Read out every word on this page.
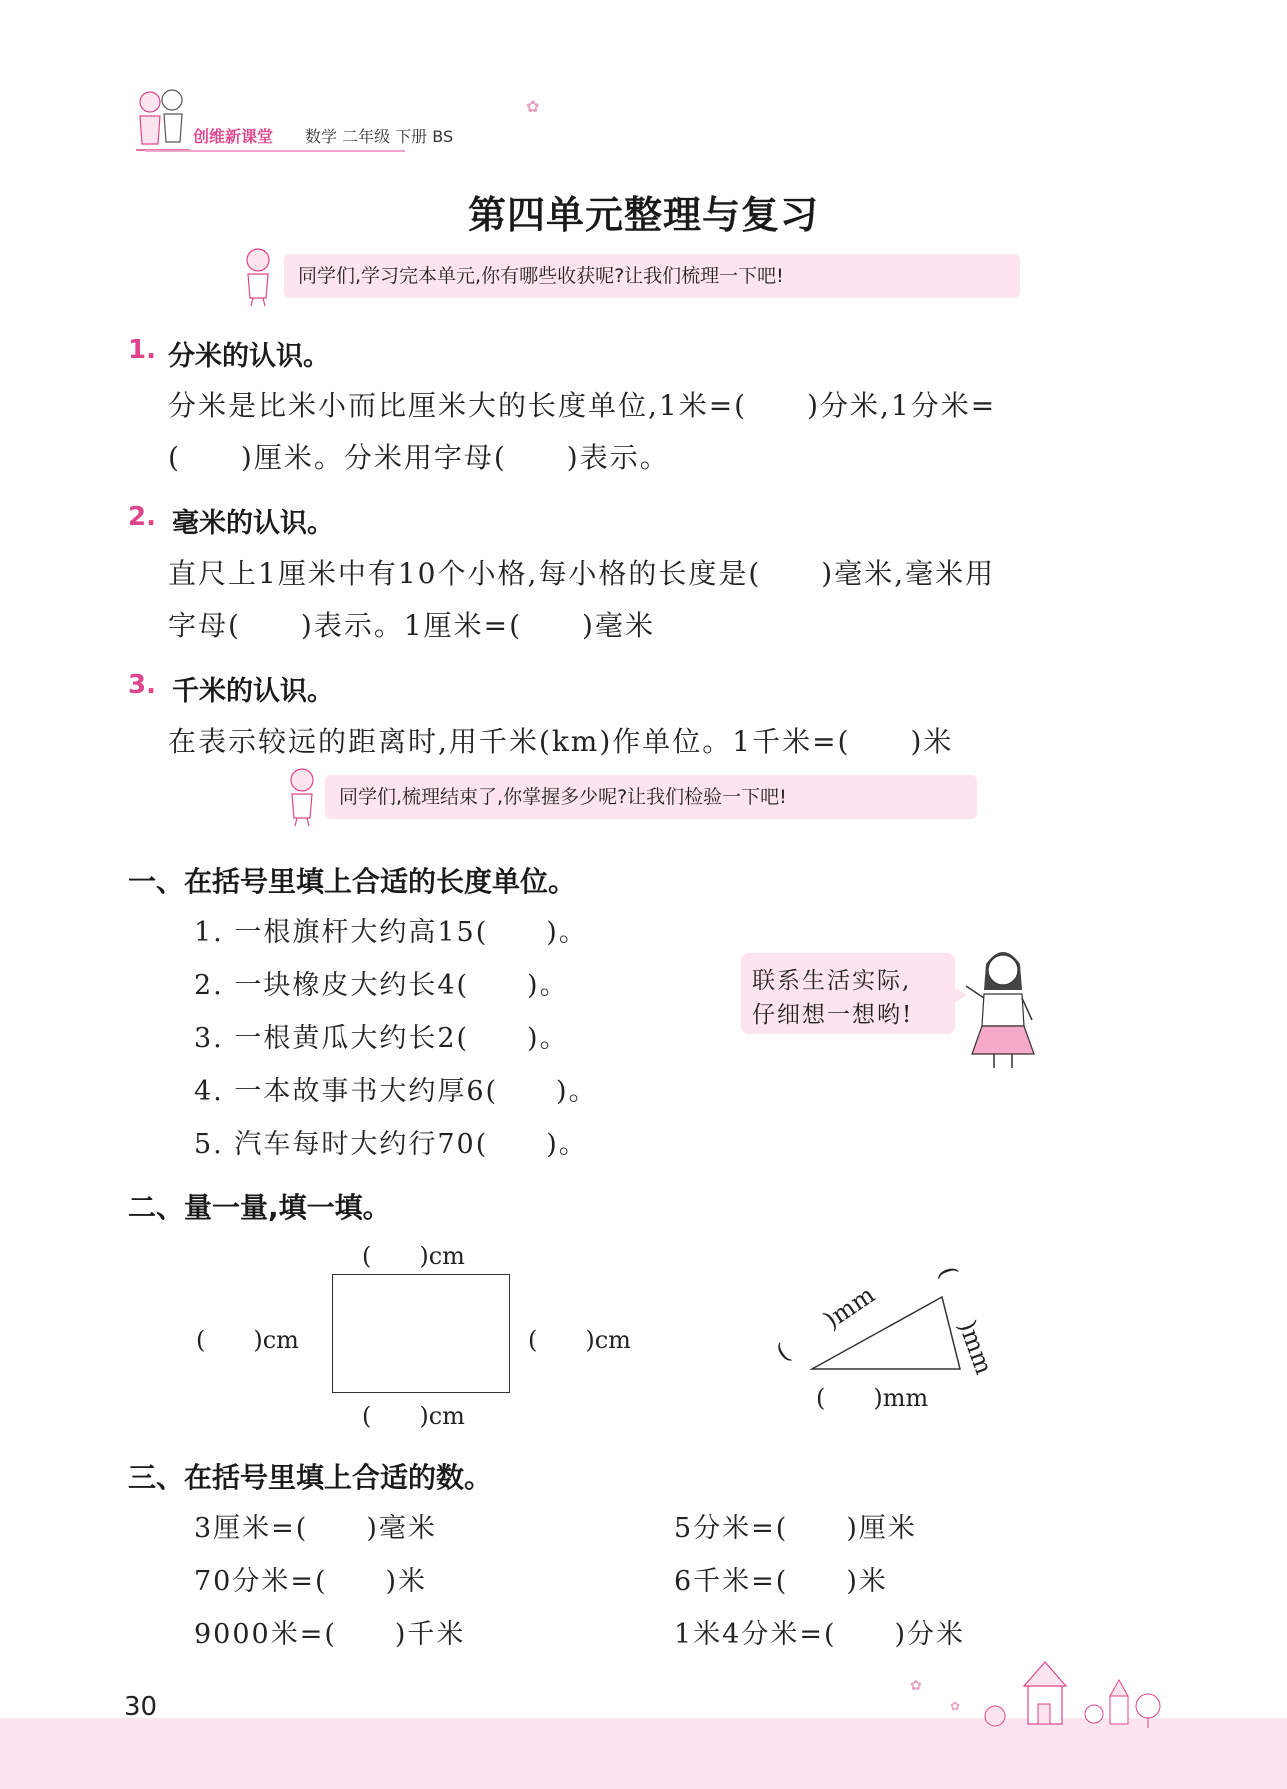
创维新课堂 数学 二年级 下册 BS
✿
第四单元整理与复习
同学们,学习完本单元,你有哪些收获呢?让我们梳理一下吧!
1. 分米的认识。
分米是比米小而比厘米大的长度单位,1米=(　　)分米,1分米=
(　　)厘米。分米用字母(　　)表示。
2. 毫米的认识。
直尺上1厘米中有10个小格,每小格的长度是(　　)毫米,毫米用
字母(　　)表示。1厘米=(　　)毫米
3. 千米的认识。
在表示较远的距离时,用千米(km)作单位。1千米=(　　)米
同学们,梳理结束了,你掌握多少呢?让我们检验一下吧!
一、在括号里填上合适的长度单位。
1. 一根旗杆大约高15(　　)。
2. 一块橡皮大约长4(　　)。
3. 一根黄瓜大约长2(　　)。
4. 一本故事书大约厚6(　　)。
5. 汽车每时大约行70(　　)。
联系生活实际,
仔细想一想哟!
二、量一量,填一填。
(　　)cm
(　　)cm
(　　)cm	(　　)cm	(　　)mm (　　)mm
(　　)mm
三、在括号里填上合适的数。
3厘米=(　　)毫米
70分米=(　　)米
9000米=(　　)千米
5分米=(　　)厘米
6千米=(　　)米
1米4分米=(　　)分米
30
✿
✿
